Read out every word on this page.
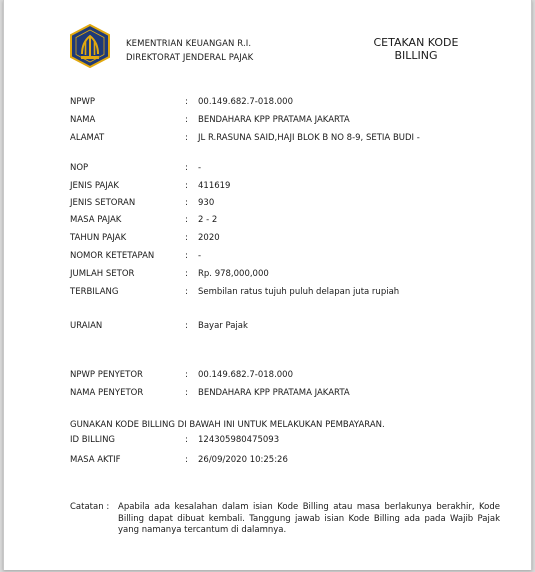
KEMENTRIAN KEUANGAN R.I.
DIREKTORAT JENDERAL PAJAK
CETAKAN KODE
BILLING
NPWP	: 00.149.682.7-018.000
NAMA	: BENDAHARA KPP PRATAMA JAKARTA
ALAMAT	: JL R.RASUNA SAID,HAJI BLOK B NO 8-9, SETIA BUDI -
NOP	: -
JENIS PAJAK	: 411619
JENIS SETORAN	: 930
MASA PAJAK	: 2 - 2
TAHUN PAJAK	: 2020
NOMOR KETETAPAN	: -
JUMLAH SETOR	: Rp. 978,000,000
TERBILANG	: Sembilan ratus tujuh puluh delapan juta rupiah
URAIAN	: Bayar Pajak
NPWP PENYETOR	: 00.149.682.7-018.000
NAMA PENYETOR	: BENDAHARA KPP PRATAMA JAKARTA
GUNAKAN KODE BILLING DI BAWAH INI UNTUK MELAKUKAN PEMBAYARAN.
ID BILLING	: 124305980475093
MASA AKTIF	: 26/09/2020 10:25:26
Catatan : Apabila ada kesalahan dalam isian Kode Billing atau masa berlakunya berakhir, Kode Billing dapat dibuat kembali. Tanggung jawab isian Kode Billing ada pada Wajib Pajak yang namanya tercantum di dalamnya.
